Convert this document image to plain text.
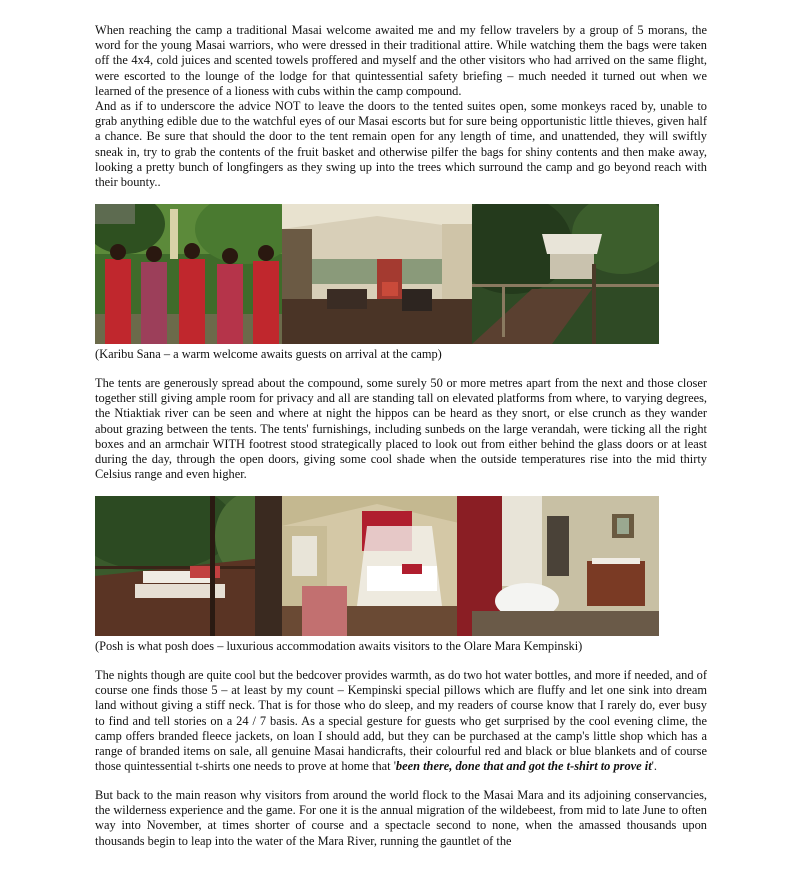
When reaching the camp a traditional Masai welcome awaited me and my fellow travelers by a group of 5 morans, the word for the young Masai warriors, who were dressed in their traditional attire. While watching them the bags were taken off the 4x4, cold juices and scented towels proffered and myself and the other visitors who had arrived on the same flight, were escorted to the lounge of the lodge for that quintessential safety briefing – much needed it turned out when we learned of the presence of a lioness with cubs within the camp compound.

And as if to underscore the advice NOT to leave the doors to the tented suites open, some monkeys raced by, unable to grab anything edible due to the watchful eyes of our Masai escorts but for sure being opportunistic little thieves, given half a chance. Be sure that should the door to the tent remain open for any length of time, and unattended, they will swiftly sneak in, try to grab the contents of the fruit basket and otherwise pilfer the bags for shiny contents and then make away, looking a pretty bunch of longfingers as they swing up into the trees which surround the camp and go beyond reach with their bounty..

(Karibu Sana – a warm welcome awaits guests on arrival at the camp)

The tents are generously spread about the compound, some surely 50 or more metres apart from the next and those closer together still giving ample room for privacy and all are standing tall on elevated platforms from where, to varying degrees, the Ntiaktiak river can be seen and where at night the hippos can be heard as they snort, or else crunch as they wander about grazing between the tents. The tents' furnishings, including sunbeds on the large verandah, were ticking all the right boxes and an armchair WITH footrest stood strategically placed to look out from either behind the glass doors or at least during the day, through the open doors, giving some cool shade when the outside temperatures rise into the mid thirty Celsius range and even higher.

(Posh is what posh does – luxurious accommodation awaits visitors to the Olare Mara Kempinski)

The nights though are quite cool but the bedcover provides warmth, as do two hot water bottles, and more if needed, and of course one finds those 5 – at least by my count – Kempinski special pillows which are fluffy and let one sink into dream land without giving a stiff neck. That is for those who do sleep, and my readers of course know that I rarely do, ever busy to find and tell stories on a 24 / 7 basis. As a special gesture for guests who get surprised by the cool evening clime, the camp offers branded fleece jackets, on loan I should add, but they can be purchased at the camp's little shop which has a range of branded items on sale, all genuine Masai handicrafts, their colourful red and black or blue blankets and of course those quintessential t-shirts one needs to prove at home that 'been there, done that and got the t-shirt to prove it'.

But back to the main reason why visitors from around the world flock to the Masai Mara and its adjoining conservancies, the wilderness experience and the game. For one it is the annual migration of the wildebeest, from mid to late June to often way into November, at times shorter of course and a spectacle second to none, when the amassed thousands upon thousands begin to leap into the water of the Mara River, running the gauntlet of the
